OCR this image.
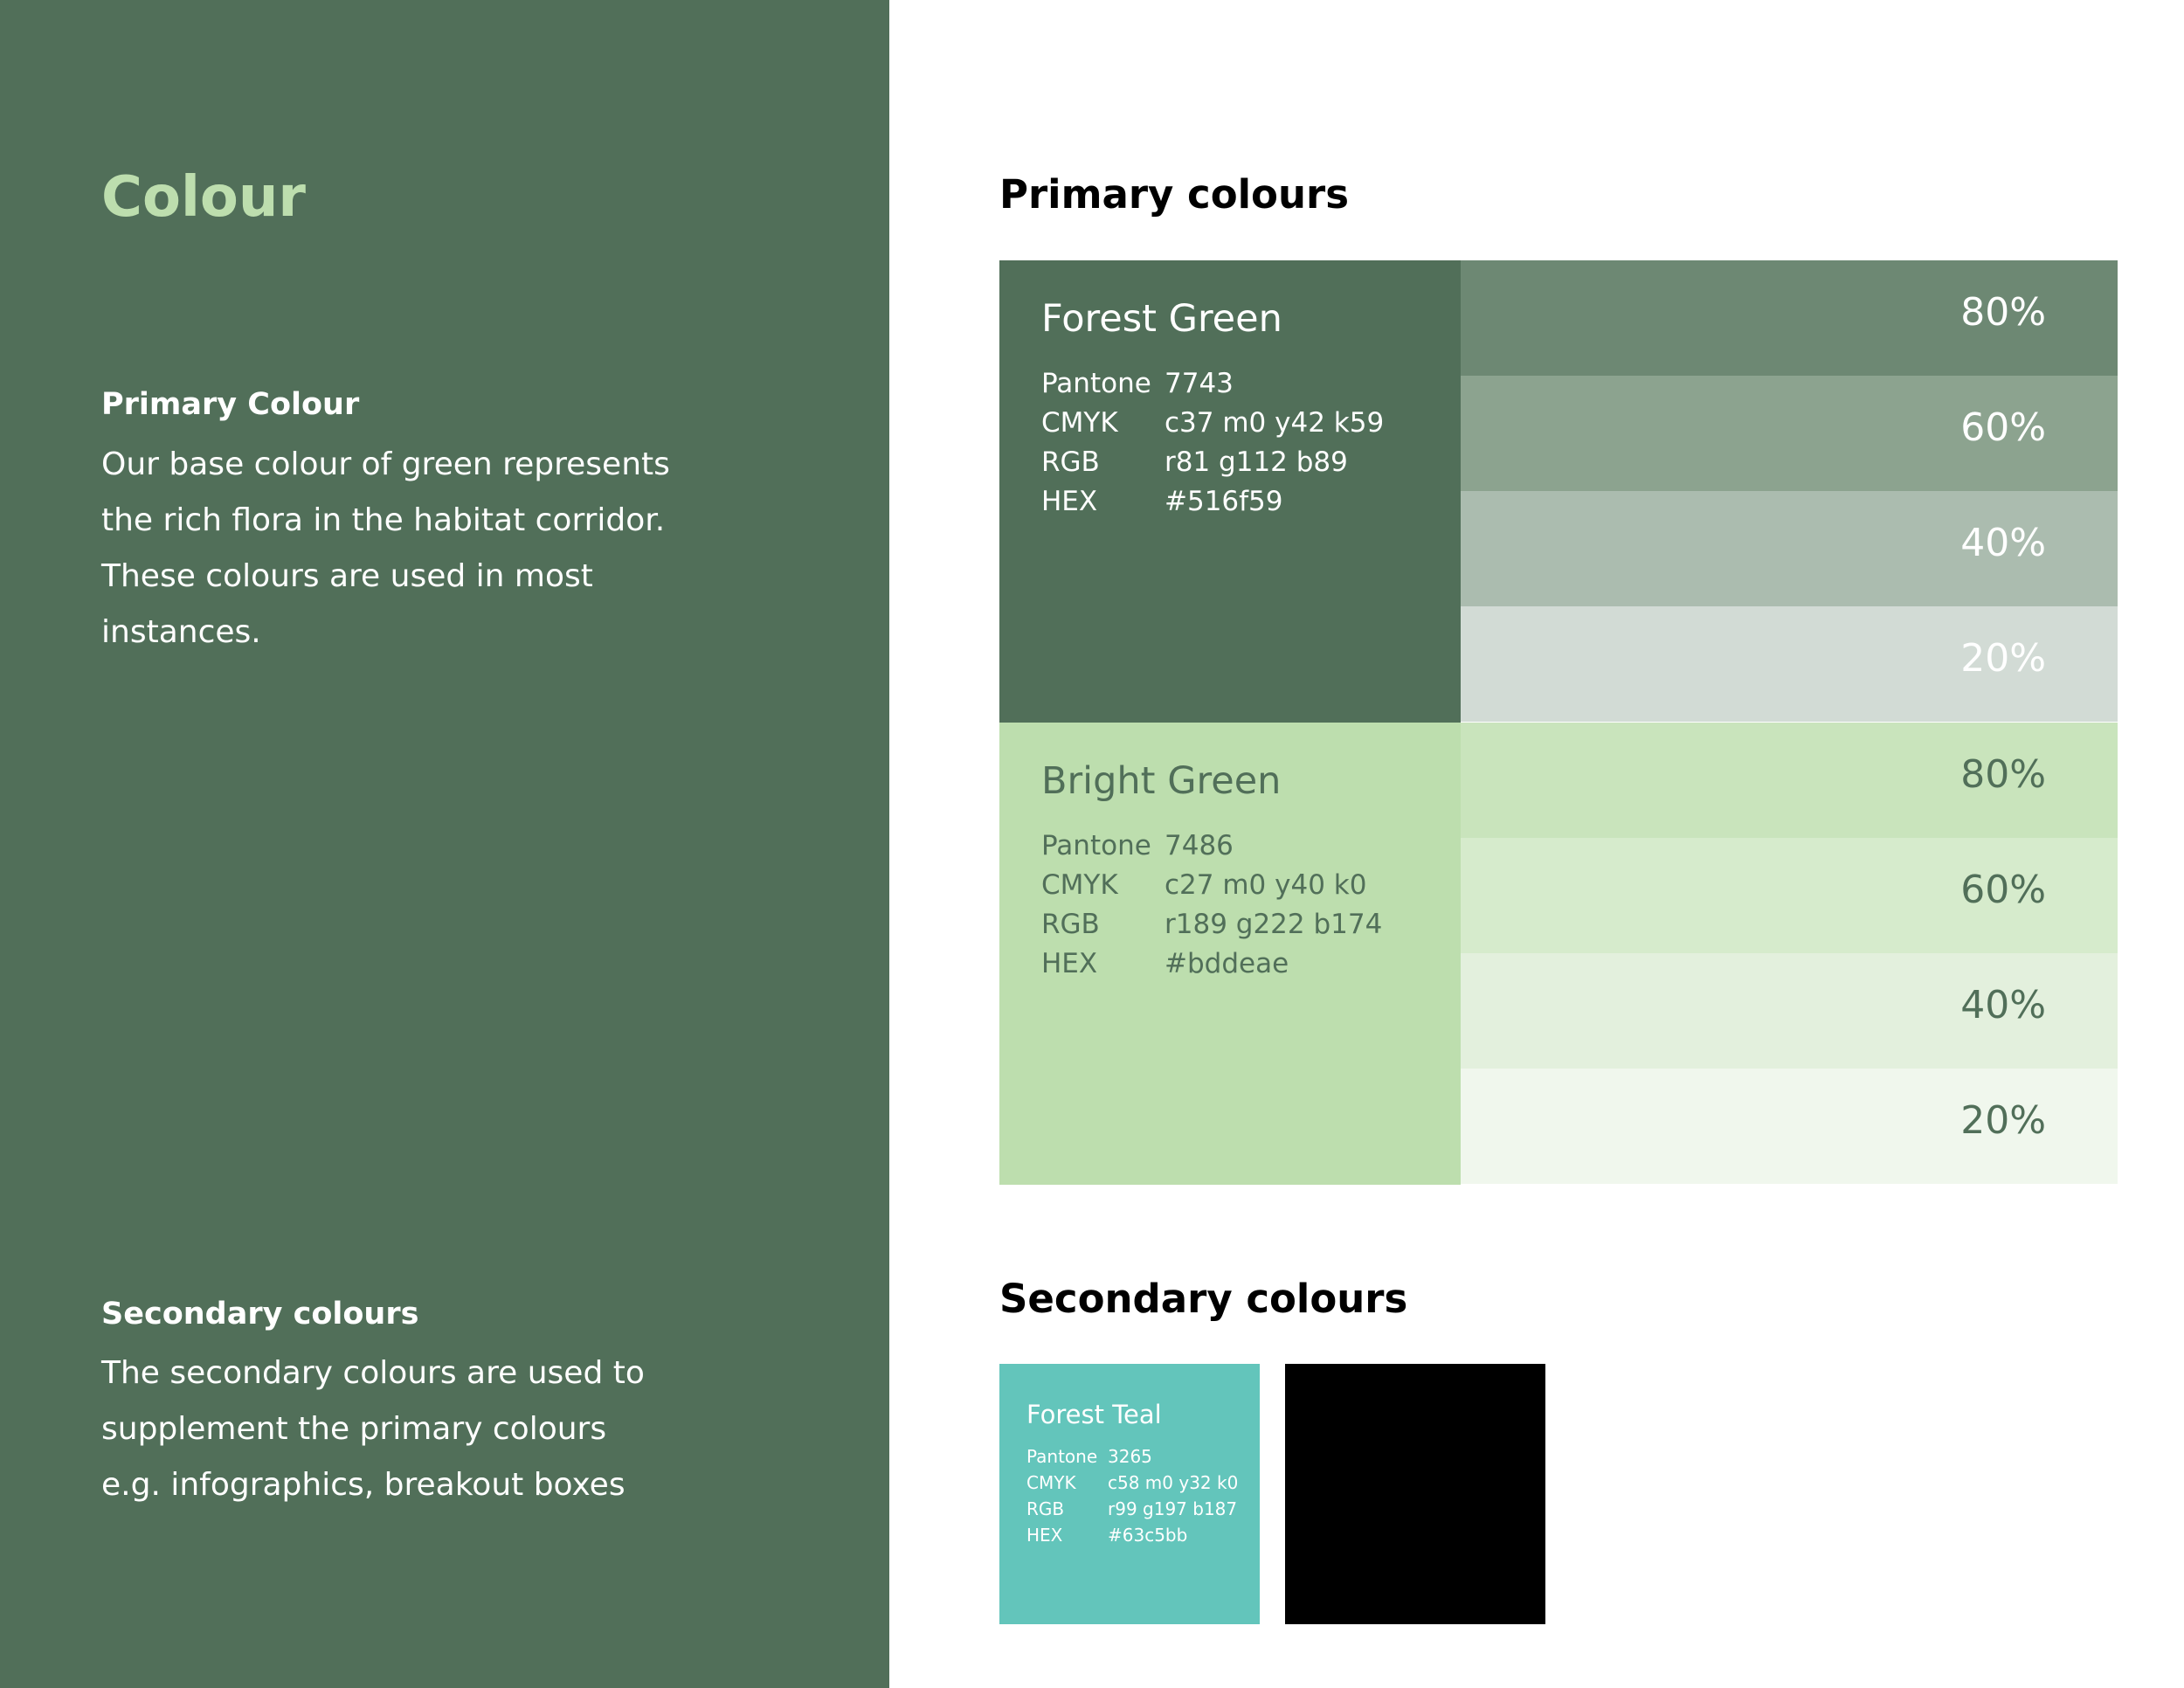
Colour
Primary Colour

Our base colour of green represents
the rich flora in the habitat corridor.
These colours are used in most
instances.

Secondary colours

The secondary colours are used to
supplement the primary colours
e.g. infographics, breakout boxes

Primary colours

Forest Green

Pantone 7743
CMYK	c37 m0 y42 k59
RGB	r81 g112 b89
HEX	#516f59
80%
60%
40%
20%

Bright Green

Pantone 7486
CMYK	c27 m0 y40 k0
RGB	r189 g222 b174
HEX	#bddeae
80%
60%
40%
20%
Secondary colours

Forest Teal

Pantone 3265
CMYK	c58 m0 y32 k0
RGB	r99 g197 b187
HEX	#63c5bb
